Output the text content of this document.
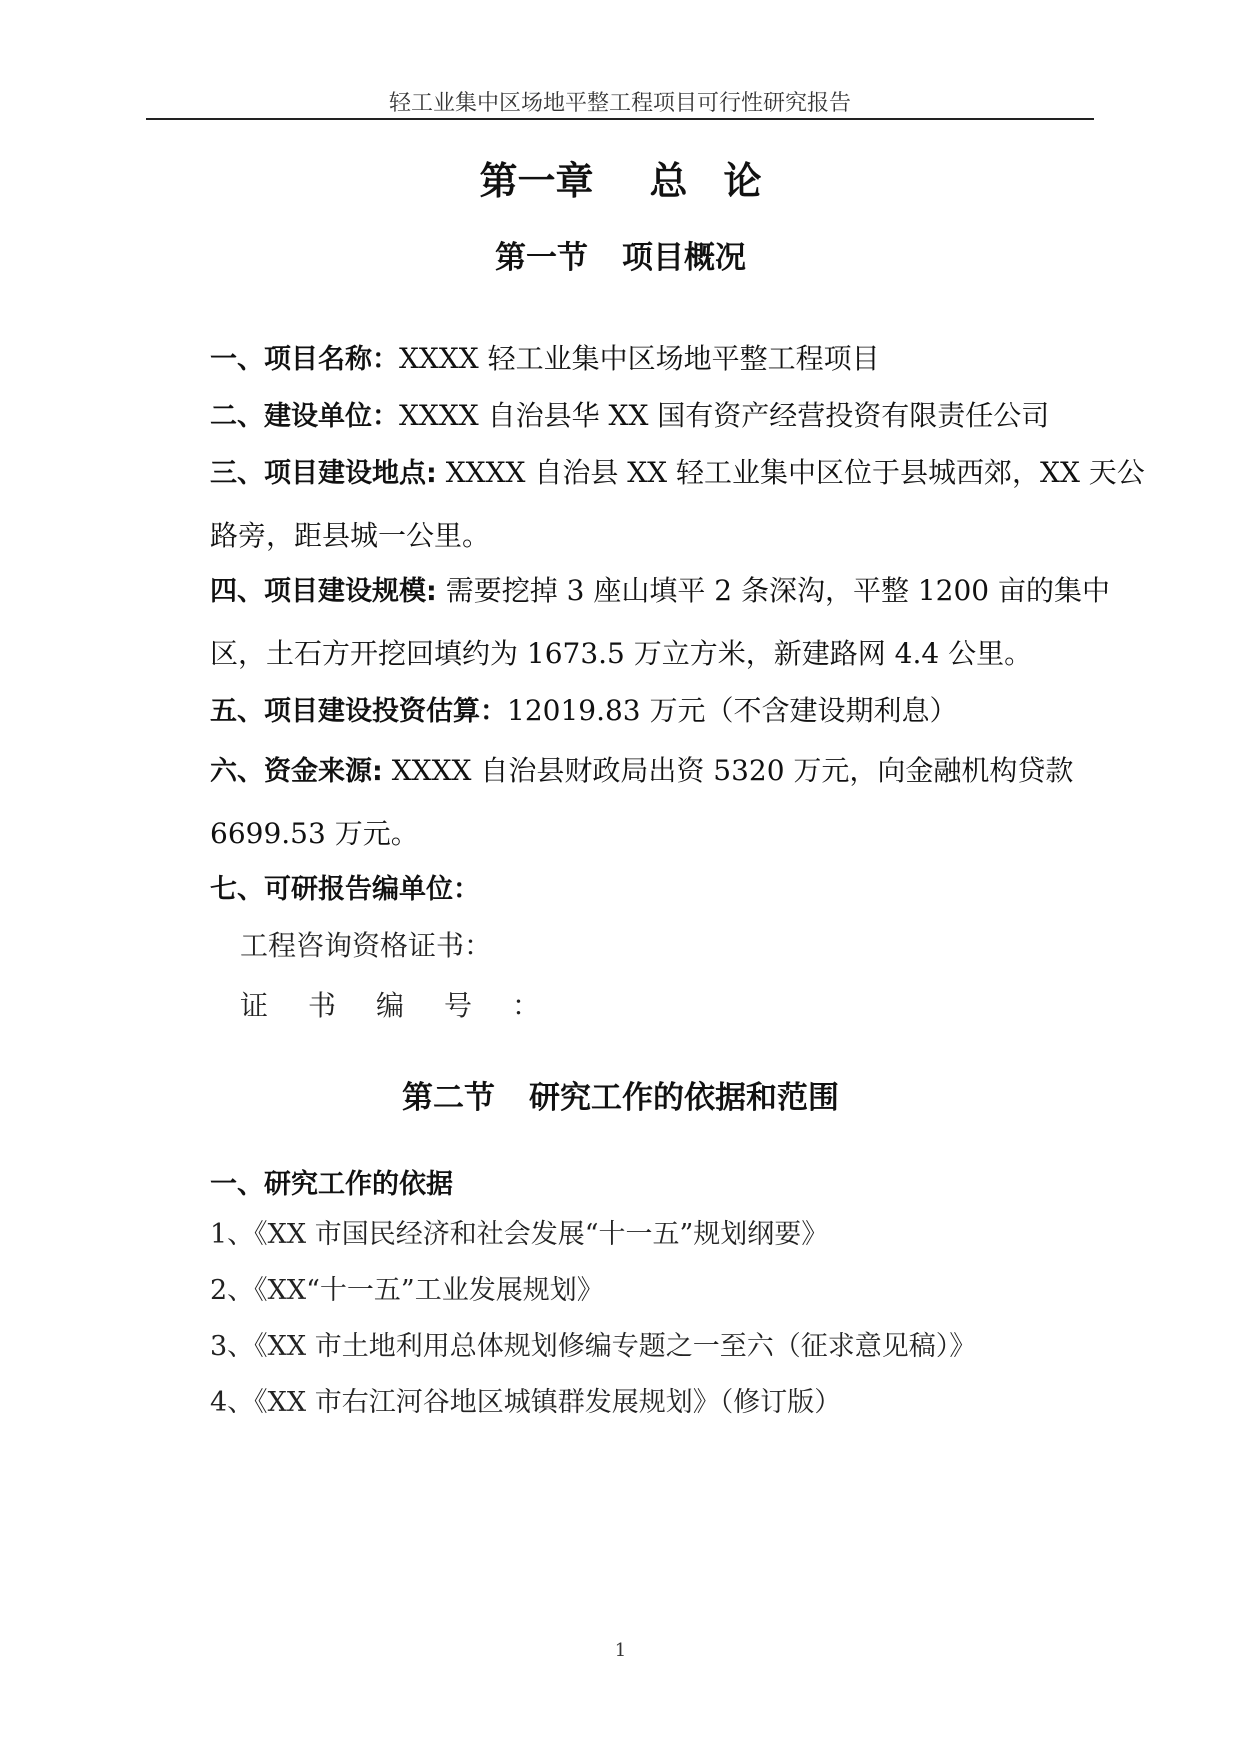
轻工业集中区场地平整工程项目可行性研究报告
第一章 总论
第一节 项目概况
一、项目名称：XXXX 轻工业集中区场地平整工程项目
二、建设单位：XXXX 自治县华 XX 国有资产经营投资有限责任公司
三、项目建设地点: XXXX 自治县 XX 轻工业集中区位于县城西郊，XX 天公路旁，距县城一公里。
四、项目建设规模: 需要挖掉 3 座山填平 2 条深沟，平整 1200 亩的集中区，土石方开挖回填约为 1673.5 万立方米，新建路网 4.4 公里。
五、项目建设投资估算：12019.83 万元（不含建设期利息）
六、资金来源: XXXX 自治县财政局出资 5320 万元，向金融机构贷款 6699.53 万元。
七、可研报告编单位：
工程咨询资格证书：
证书编号：
第二节 研究工作的依据和范围
一、研究工作的依据
1、《XX 市国民经济和社会发展“十一五”规划纲要》
2、《XX“十一五”工业发展规划》
3、《XX 市土地利用总体规划修编专题之一至六（征求意见稿）》
4、《XX 市右江河谷地区城镇群发展规划》（修订版）
1
